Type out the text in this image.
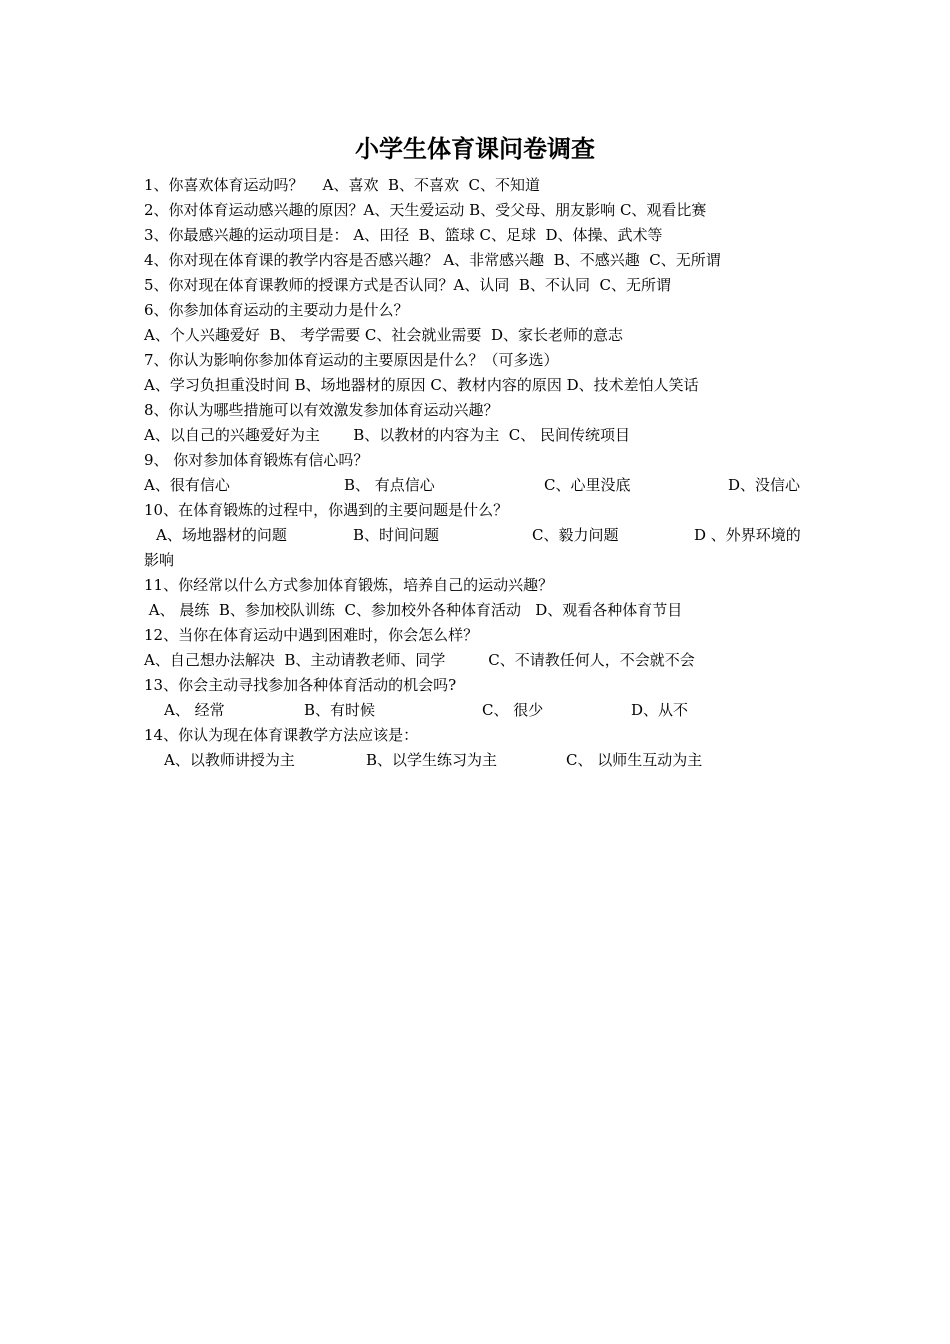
小学生体育课问卷调查
1、你喜欢体育运动吗？    A、喜欢  B、不喜欢  C、不知道
2、你对体育运动感兴趣的原因？A、天生爱运动 B、受父母、朋友影响 C、观看比赛
3、你最感兴趣的运动项目是： A、田径  B、篮球 C、足球  D、体操、武术等
4、你对现在体育课的教学内容是否感兴趣？ A、非常感兴趣  B、不感兴趣  C、无所谓
5、你对现在体育课教师的授课方式是否认同？A、认同  B、不认同  C、无所谓
6、你参加体育运动的主要动力是什么？
A、个人兴趣爱好  B、 考学需要 C、社会就业需要  D、家长老师的意志
7、你认为影响你参加体育运动的主要原因是什么？（可多选）
A、学习负担重没时间 B、场地器材的原因 C、教材内容的原因 D、技术差怕人笑话
8、你认为哪些措施可以有效激发参加体育运动兴趣？
A、以自己的兴趣爱好为主       B、以教材的内容为主  C、 民间传统项目
9、 你对参加体育锻炼有信心吗？
A、很有信心	B、 有点信心	C、心里没底	D、没信心
10、在体育锻炼的过程中，你遇到的主要问题是什么？
A、场地器材的问题	B、时间问题	C、毅力问题	D 、外界环境的
影响
11、你经常以什么方式参加体育锻炼，培养自己的运动兴趣？
A、 晨练  B、参加校队训练  C、参加校外各种体育活动   D、观看各种体育节目
12、当你在体育运动中遇到困难时，你会怎么样？
A、自己想办法解决  B、主动请教老师、同学         C、不请教任何人，不会就不会
13、你会主动寻找参加各种体育活动的机会吗?
A、 经常	B、有时候	C、 很少	D、从不
14、你认为现在体育课教学方法应该是：
A、以教师讲授为主	B、以学生练习为主	C、 以师生互动为主
